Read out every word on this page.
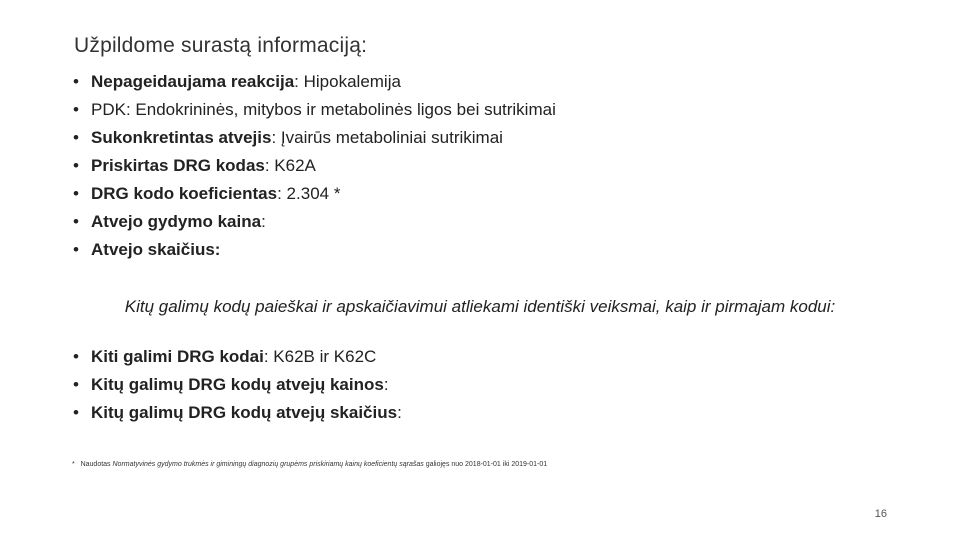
Užpildome surastą informaciją:
• Nepageidaujama reakcija: Hipokalemija
• PDK: Endokrininės, mitybos ir metabolinės ligos bei sutrikimai
• Sukonkretintas atvejis: Įvairūs metaboliniai sutrikimai
• Priskirtas DRG kodas: K62A
• DRG kodo koeficientas: 2.304 *
• Atvejo gydymo kaina:
• Atvejo skaičius:
Kitų galimų kodų paieškai ir apskaičiavimui atliekami identiški veiksmai, kaip ir pirmajam kodui:
• Kiti galimi DRG kodai: K62B ir K62C
• Kitų galimų DRG kodų atvejų kainos:
• Kitų galimų DRG kodų atvejų skaičius:
* Naudotas Normatyvinės gydymo trukmės ir giminingų diagnozių grupėms priskiriamų kainų koeficientų sąrašas galiojęs nuo 2018-01-01 iki 2019-01-01
16
